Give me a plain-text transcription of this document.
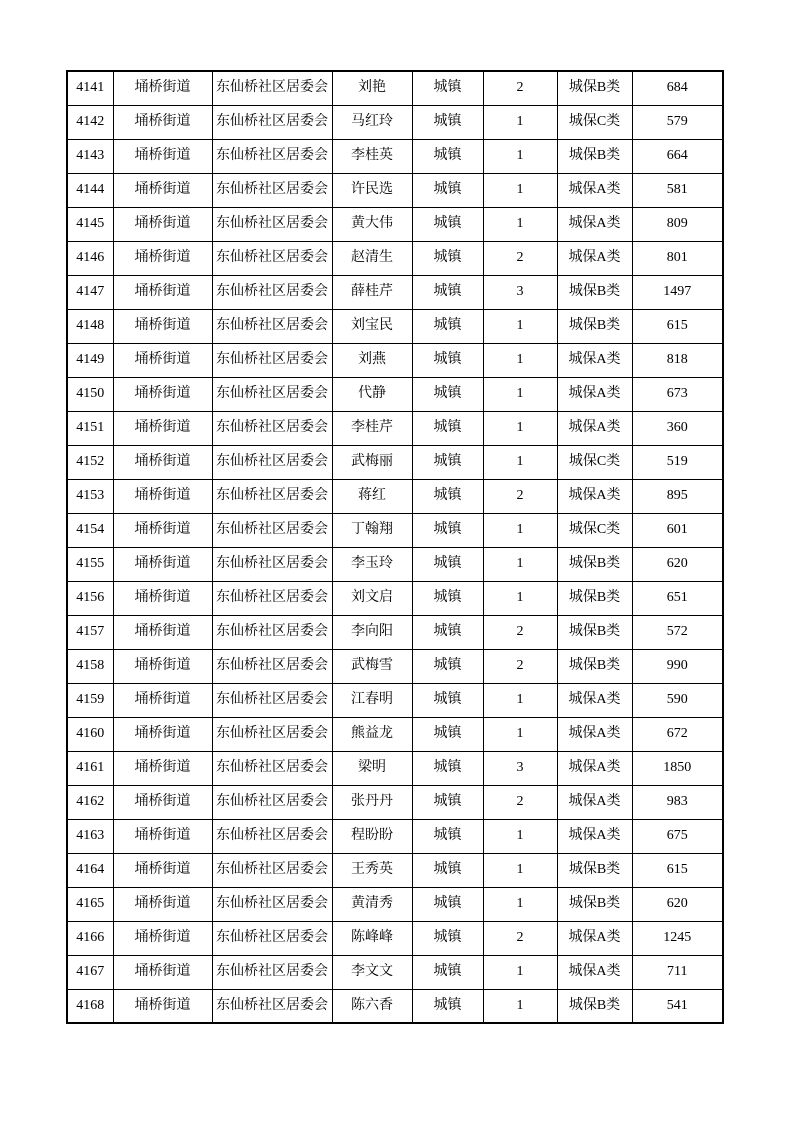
4141	埇桥街道	东仙桥社区居委会	刘艳	城镇	2	城保B类	684
4142	埇桥街道	东仙桥社区居委会	马红玲	城镇	1	城保C类	579
4143	埇桥街道	东仙桥社区居委会	李桂英	城镇	1	城保B类	664
4144	埇桥街道	东仙桥社区居委会	许民选	城镇	1	城保A类	581
4145	埇桥街道	东仙桥社区居委会	黄大伟	城镇	1	城保A类	809
4146	埇桥街道	东仙桥社区居委会	赵清生	城镇	2	城保A类	801
4147	埇桥街道	东仙桥社区居委会	薛桂芹	城镇	3	城保B类	1497
4148	埇桥街道	东仙桥社区居委会	刘宝民	城镇	1	城保B类	615
4149	埇桥街道	东仙桥社区居委会	刘燕	城镇	1	城保A类	818
4150	埇桥街道	东仙桥社区居委会	代静	城镇	1	城保A类	673
4151	埇桥街道	东仙桥社区居委会	李桂芹	城镇	1	城保A类	360
4152	埇桥街道	东仙桥社区居委会	武梅丽	城镇	1	城保C类	519
4153	埇桥街道	东仙桥社区居委会	蒋红	城镇	2	城保A类	895
4154	埇桥街道	东仙桥社区居委会	丁翰翔	城镇	1	城保C类	601
4155	埇桥街道	东仙桥社区居委会	李玉玲	城镇	1	城保B类	620
4156	埇桥街道	东仙桥社区居委会	刘文启	城镇	1	城保B类	651
4157	埇桥街道	东仙桥社区居委会	李向阳	城镇	2	城保B类	572
4158	埇桥街道	东仙桥社区居委会	武梅雪	城镇	2	城保B类	990
4159	埇桥街道	东仙桥社区居委会	江春明	城镇	1	城保A类	590
4160	埇桥街道	东仙桥社区居委会	熊益龙	城镇	1	城保A类	672
4161	埇桥街道	东仙桥社区居委会	梁明	城镇	3	城保A类	1850
4162	埇桥街道	东仙桥社区居委会	张丹丹	城镇	2	城保A类	983
4163	埇桥街道	东仙桥社区居委会	程盼盼	城镇	1	城保A类	675
4164	埇桥街道	东仙桥社区居委会	王秀英	城镇	1	城保B类	615
4165	埇桥街道	东仙桥社区居委会	黄清秀	城镇	1	城保B类	620
4166	埇桥街道	东仙桥社区居委会	陈峰峰	城镇	2	城保A类	1245
4167	埇桥街道	东仙桥社区居委会	李文文	城镇	1	城保A类	711
4168	埇桥街道	东仙桥社区居委会	陈六香	城镇	1	城保B类	541
